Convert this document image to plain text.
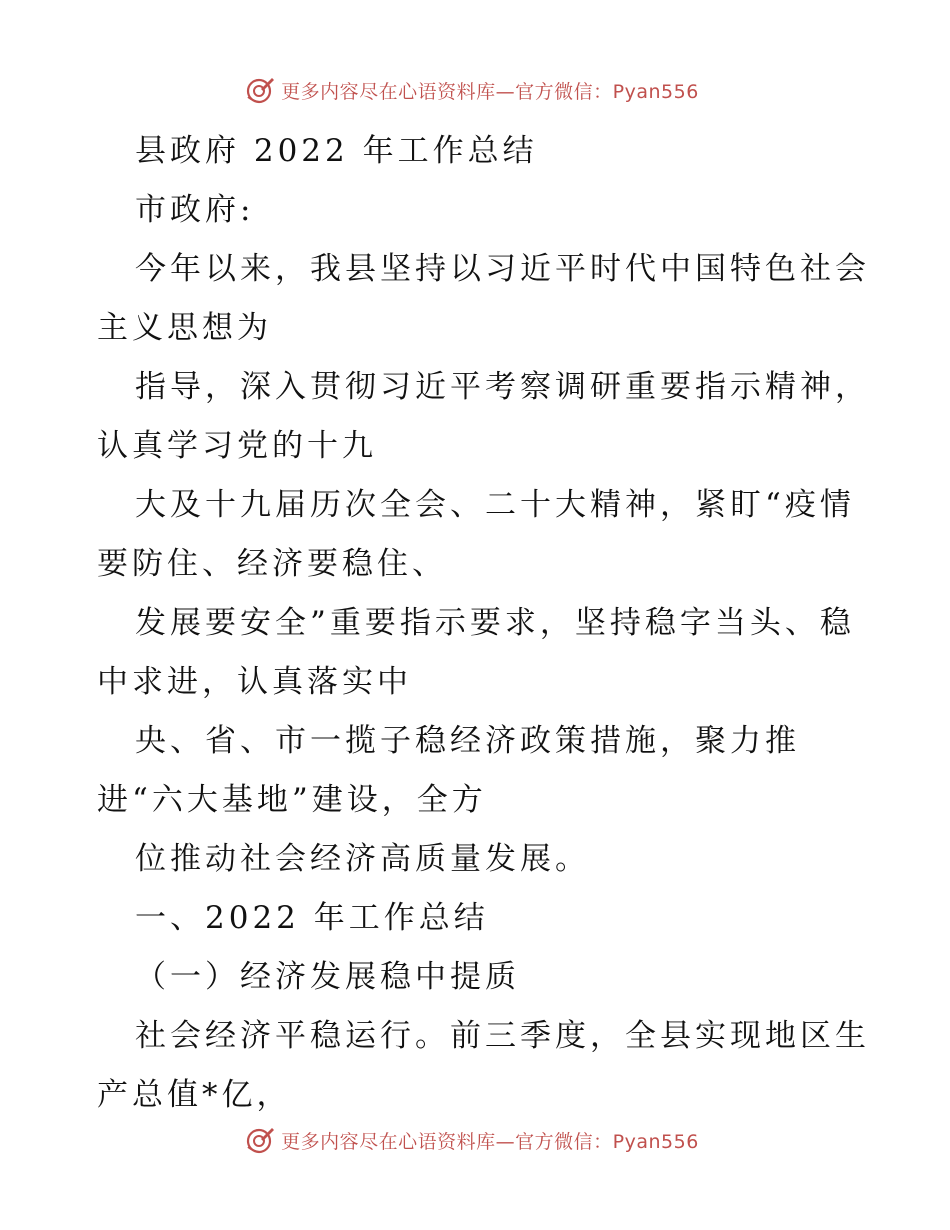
更多内容尽在心语资料库—官方微信：Pyan556
县政府 2022 年工作总结
市政府:
今年以来，我县坚持以习近平时代中国特色社会
主义思想为
指导，深入贯彻习近平考察调研重要指示精神，
认真学习党的十九
大及十九届历次全会、二十大精神，紧盯“疫情
要防住、经济要稳住、
发展要安全”重要指示要求，坚持稳字当头、稳
中求进，认真落实中
央、省、市一揽子稳经济政策措施，聚力推
进“六大基地”建设，全方
位推动社会经济高质量发展。
一、2022 年工作总结
（一）经济发展稳中提质
社会经济平稳运行。前三季度，全县实现地区生
产总值*亿，
更多内容尽在心语资料库—官方微信：Pyan556
